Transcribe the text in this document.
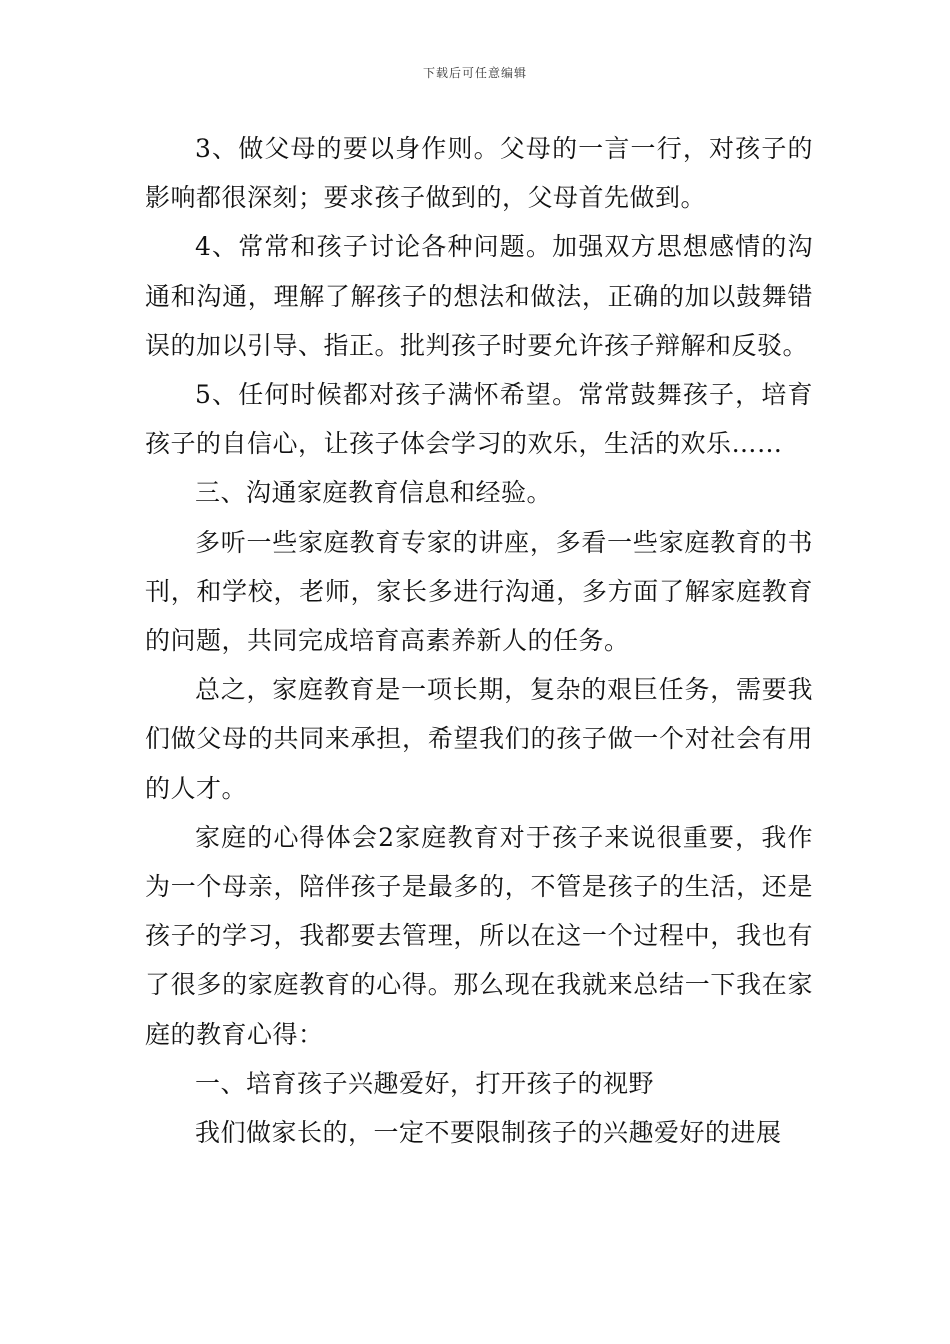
下载后可任意编辑

3、做父母的要以身作则。父母的一言一行，对孩子的影响都很深刻；要求孩子做到的，父母首先做到。

4、常常和孩子讨论各种问题。加强双方思想感情的沟通和沟通，理解了解孩子的想法和做法，正确的加以鼓舞错误的加以引导、指正。批判孩子时要允许孩子辩解和反驳。

5、任何时候都对孩子满怀希望。常常鼓舞孩子，培育孩子的自信心，让孩子体会学习的欢乐，生活的欢乐……

三、沟通家庭教育信息和经验。

多听一些家庭教育专家的讲座，多看一些家庭教育的书刊，和学校，老师，家长多进行沟通，多方面了解家庭教育的问题，共同完成培育高素养新人的任务。

总之，家庭教育是一项长期，复杂的艰巨任务，需要我们做父母的共同来承担，希望我们的孩子做一个对社会有用的人才。

家庭的心得体会2家庭教育对于孩子来说很重要，我作为一个母亲，陪伴孩子是最多的，不管是孩子的生活，还是孩子的学习，我都要去管理，所以在这一个过程中，我也有了很多的家庭教育的心得。那么现在我就来总结一下我在家庭的教育心得：

一、培育孩子兴趣爱好，打开孩子的视野

我们做家长的，一定不要限制孩子的兴趣爱好的进展
